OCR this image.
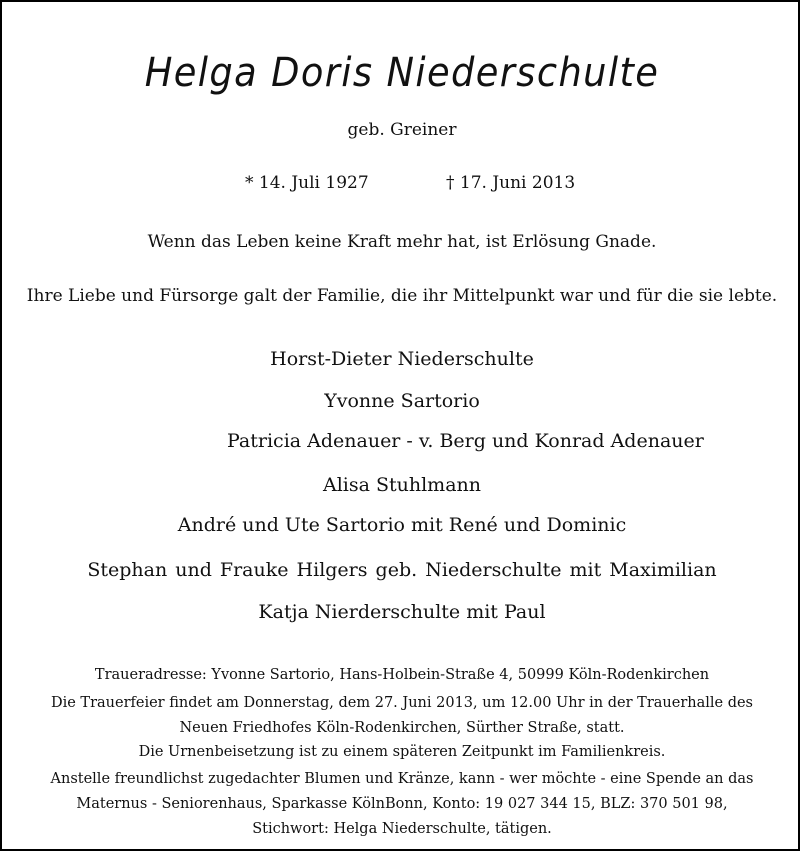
Helga Doris Niederschulte
geb. Greiner
* 14. Juli 1927	† 17. Juni 2013
Wenn das Leben keine Kraft mehr hat, ist Erlösung Gnade.
Ihre Liebe und Fürsorge galt der Familie, die ihr Mittelpunkt war und für die sie lebte.
Horst-Dieter Niederschulte
Yvonne Sartorio
Patricia Adenauer - v. Berg und Konrad Adenauer
Alisa Stuhlmann
André und Ute Sartorio mit René und Dominic
Stephan und Frauke Hilgers geb. Niederschulte mit Maximilian
Katja Nierderschulte mit Paul
Traueradresse: Yvonne Sartorio, Hans-Holbein-Straße 4, 50999 Köln-Rodenkirchen
Die Trauerfeier findet am Donnerstag, dem 27. Juni 2013, um 12.00 Uhr in der Trauerhalle des
Neuen Friedhofes Köln-Rodenkirchen, Sürther Straße, statt.
Die Urnenbeisetzung ist zu einem späteren Zeitpunkt im Familienkreis.
Anstelle freundlichst zugedachter Blumen und Kränze, kann - wer möchte - eine Spende an das
Maternus - Seniorenhaus, Sparkasse KölnBonn, Konto: 19 027 344 15, BLZ: 370 501 98,
Stichwort: Helga Niederschulte, tätigen.
